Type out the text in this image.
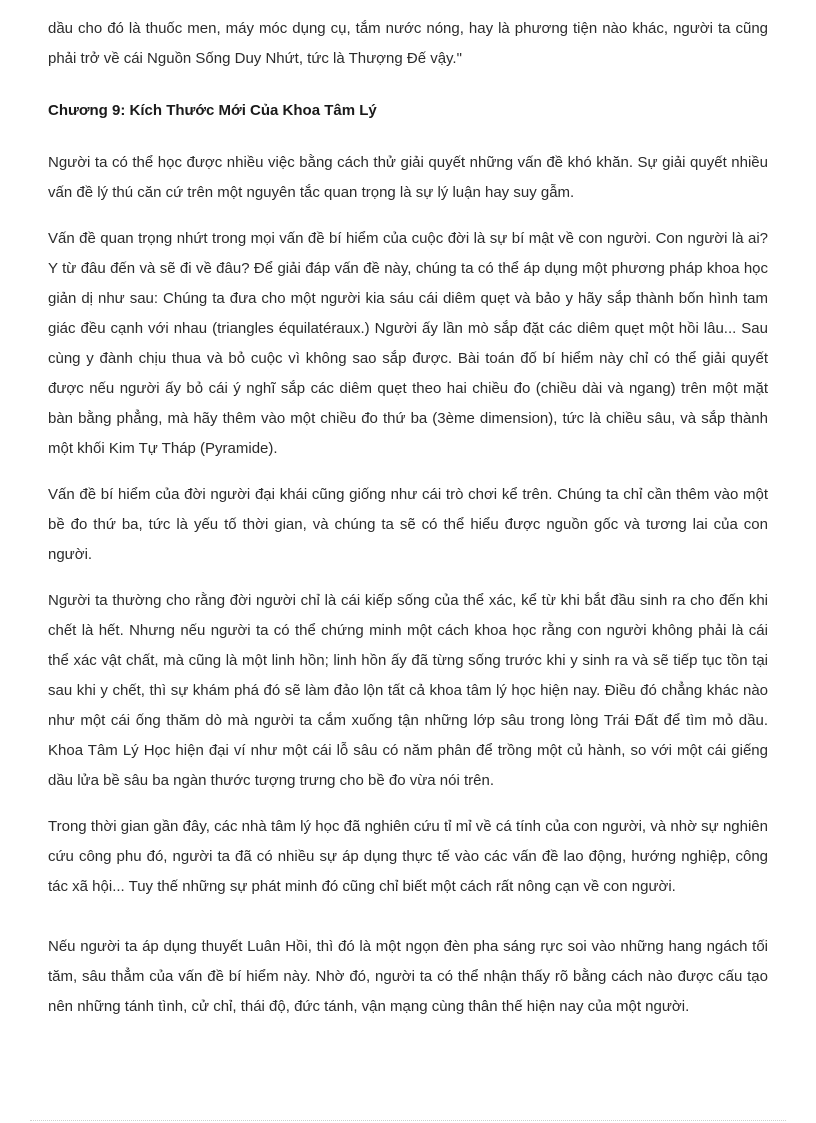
dầu cho đó là thuốc men, máy móc dụng cụ, tắm nước nóng, hay là phương tiện nào khác, người ta cũng phải trở về cái Nguồn Sống Duy Nhứt, tức là Thượng Đế vậy."

Chương 9: Kích Thước Mới Của Khoa Tâm Lý

Người ta có thể học được nhiều việc bằng cách thử giải quyết những vấn đề khó khăn. Sự giải quyết nhiều vấn đề lý thú căn cứ trên một nguyên tắc quan trọng là sự lý luận hay suy gẫm.

Vấn đề quan trọng nhứt trong mọi vấn đề bí hiểm của cuộc đời là sự bí mật về con người. Con người là ai? Y từ đâu đến và sẽ đi về đâu? Để giải đáp vấn đề này, chúng ta có thể áp dụng một phương pháp khoa học giản dị như sau: Chúng ta đưa cho một người kia sáu cái diêm quẹt và bảo y hãy sắp thành bốn hình tam giác đều cạnh với nhau (triangles équilatéraux.) Người ấy lần mò sắp đặt các diêm quẹt một hồi lâu... Sau cùng y đành chịu thua và bỏ cuộc vì không sao sắp được. Bài toán đố bí hiểm này chỉ có thể giải quyết được nếu người ấy bỏ cái ý nghĩ sắp các diêm quẹt theo hai chiều đo (chiều dài và ngang) trên một mặt bàn bằng phẳng, mà hãy thêm vào một chiều đo thứ ba (3ème dimension), tức là chiều sâu, và sắp thành một khối Kim Tự Tháp (Pyramide).

Vấn đề bí hiểm của đời người đại khái cũng giống như cái trò chơi kể trên. Chúng ta chỉ cần thêm vào một bề đo thứ ba, tức là yếu tố thời gian, và chúng ta sẽ có thể hiểu được nguồn gốc và tương lai của con người.

Người ta thường cho rằng đời người chỉ là cái kiếp sống của thể xác, kể từ khi bắt đầu sinh ra cho đến khi chết là hết. Nhưng nếu người ta có thể chứng minh một cách khoa học rằng con người không phải là cái thể xác vật chất, mà cũng là một linh hồn; linh hồn ấy đã từng sống trước khi y sinh ra và sẽ tiếp tục tồn tại sau khi y chết, thì sự khám phá đó sẽ làm đảo lộn tất cả khoa tâm lý học hiện nay. Điều đó chẳng khác nào như một cái ống thăm dò mà người ta cắm xuống tận những lớp sâu trong lòng Trái Đất để tìm mỏ dầu. Khoa Tâm Lý Học hiện đại ví như một cái lỗ sâu có năm phân để trồng một củ hành, so với một cái giếng dầu lửa bề sâu ba ngàn thước tượng trưng cho bề đo vừa nói trên.

Trong thời gian gần đây, các nhà tâm lý học đã nghiên cứu tỉ mỉ về cá tính của con người, và nhờ sự nghiên cứu công phu đó, người ta đã có nhiều sự áp dụng thực tế vào các vấn đề lao động, hướng nghiệp, công tác xã hội... Tuy thế những sự phát minh đó cũng chỉ biết một cách rất nông cạn về con người.

Nếu người ta áp dụng thuyết Luân Hồi, thì đó là một ngọn đèn pha sáng rực soi vào những hang ngách tối tăm, sâu thẳm của vấn đề bí hiểm này. Nhờ đó, người ta có thể nhận thấy rõ bằng cách nào được cấu tạo nên những tánh tình, cử chỉ, thái độ, đức tánh, vận mạng cùng thân thế hiện nay của một người.
